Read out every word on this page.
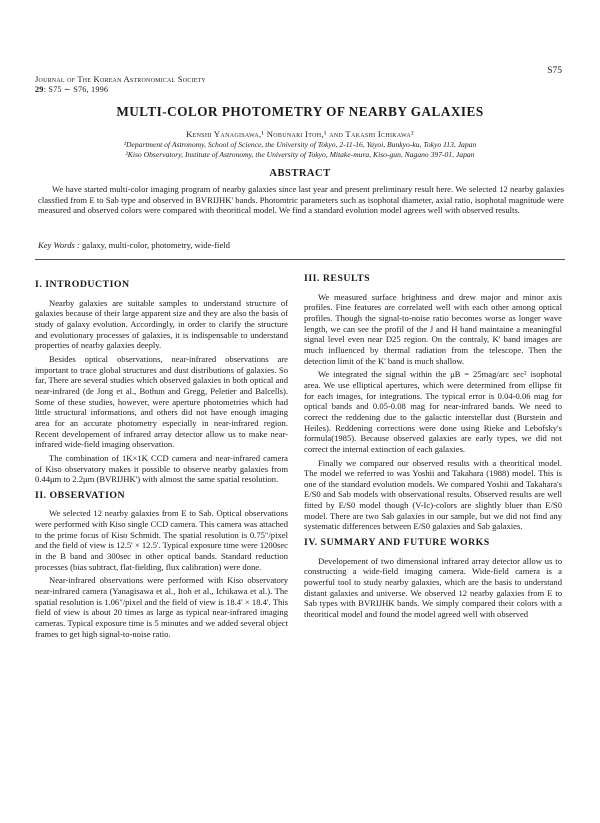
Journal of The Korean Astronomical Society
29: S75 ∼ S76, 1996
S75
MULTI-COLOR PHOTOMETRY OF NEARBY GALAXIES
Kenshi Yanagisawa,¹ Nobunari Itoh,¹ and Takashi Ichikawa²
¹Department of Astronomy, School of Science, the University of Tokyo, 2-11-16, Yayoi, Bunkyo-ku, Tokyo 113, Japan
²Kiso Observatory, Institute of Astronomy, the University of Tokyo, Mitake-mura, Kiso-gun, Nagano 397-01, Japan
ABSTRACT
We have started multi-color imaging program of nearby galaxies since last year and present preliminary result here. We selected 12 nearby galaxies classfied from E to Sab type and observed in BVRIJHK' bands. Photomtric parameters such as isophotal diameter, axial ratio, isophotal magnitude were measured and observed colors were compared with theoritical model. We find a standard evolution model agrees well with observed results.
Key Words : galaxy, multi-color, photometry, wide-field
I. INTRODUCTION

Nearby galaxies are suitable samples to understand structure of galaxies because of their large apparent size and they are also the basis of study of galaxy evolution. Accordingly, in order to clarify the structure and evolutionary processes of galaxies, it is indispensable to understand properties of nearby galaxies deeply.

Besides optical observations, near-infrared observations are important to trace global structures and dust distributions of galaxies. So far, There are several studies which observed galaxies in both optical and near-infrared (de Jong et al., Bothun and Gregg, Peletier and Balcells). Some of these studies, however, were aperture photometries which had little structural informations, and others did not have enough imaging area for an accurate photometry especially in near-infrared region. Recent developement of infrared array detector allow us to make near-infrared wide-field imaging observation.

The combination of 1K×1K CCD camera and near-infrared camera of Kiso observatory makes it possible to observe nearby galaxies from 0.44μm to 2.2μm (BVRIJHK') with almost the same spatial resolution.

II. OBSERVATION

We selected 12 nearby galaxies from E to Sab. Optical observations were performed with Kiso single CCD camera. This camera was attached to the prime focus of Kiso Schmidt. The spatial resolution is 0.75"/pixel and the field of view is 12.5' × 12.5'. Typical exposure time were 1200sec in the B band and 300sec in other optical bands. Standard reduction processes (bias subtract, flat-fielding, flux calibration) were done.

Near-infrared observations were performed with Kiso observatory near-infrared camera (Yanagisawa et al., Itoh et al., Ichikawa et al.). The spatial resolution is 1.06"/pixel and the field of view is 18.4' × 18.4'. This field of view is about 20 times as large as typical near-infrared imaging cameras. Typical exposure time is 5 minutes and we added several object frames to get high signal-to-noise ratio.

III. RESULTS

We measured surface brightness and drew major and minor axis profiles. Fine features are correlated well with each other among optical profiles. Though the signal-to-noise ratio becomes worse as longer wave length, we can see the profil of the J and H band maintaine a meaningful signal level even near D25 region. On the contraly, K' band images are much influenced by thermal radiation from the telescope. Then the detection limit of the K' band is much shallow.

We integrated the signal within the μB = 25mag/arc sec² isophotal area. We use elliptical apertures, which were determined from ellipse fit for each images, for integrations. The typical error is 0.04-0.06 mag for optical bands and 0.05-0.08 mag for near-infrared bands. We need to correct the reddening due to the galactic interstellar dust (Burstein and Heiles). Reddening corrections were done using Rieke and Lebofsky's formula(1985). Because observed galaxies are early types, we did not correct the internal extinction of each galaxies.

Finally we compared our observed results with a theoritical model. The model we referred to was Yoshii and Takahara (1988) model. This is one of the standard evolution models. We compared Yoshii and Takahara's E/S0 and Sab models with observational results. Observed results are well fitted by E/S0 model though (V-Ic)-colors are slightly bluer than E/S0 model. There are two Sab galaxies in our sample, but we did not find any systematic differences between E/S0 galaxies and Sab galaxies.

IV. SUMMARY AND FUTURE WORKS

Developement of two dimensional infrared array detector allow us to constructing a wide-field imaging camera. Wide-field camera is a powerful tool to study nearby galaxies, which are the basis to understand distant galaxies and universe. We observed 12 nearby galaxies from E to Sab types with BVRIJHK bands. We simply compared their colors with a theoritical model and found the model agreed well with observed
